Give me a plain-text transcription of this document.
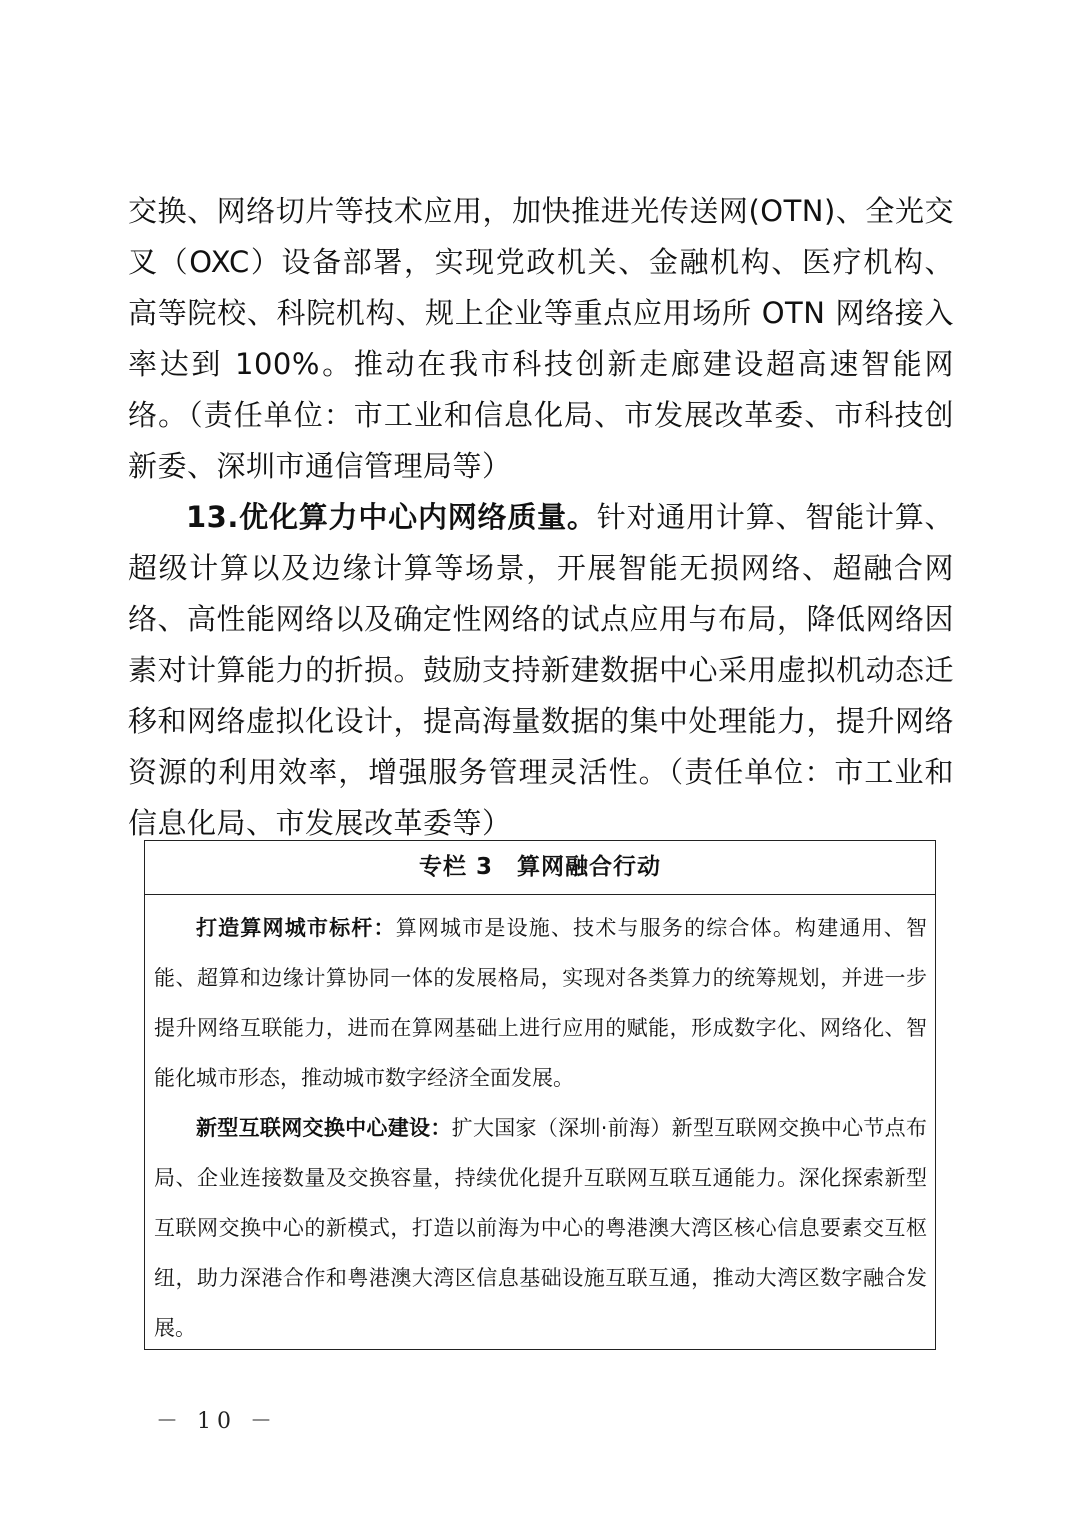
交换、网络切片等技术应用，加快推进光传送网(OTN)、全光交叉（OXC）设备部署，实现党政机关、金融机构、医疗机构、高等院校、科院机构、规上企业等重点应用场所 OTN 网络接入率达到 100%。推动在我市科技创新走廊建设超高速智能网络。（责任单位：市工业和信息化局、市发展改革委、市科技创新委、深圳市通信管理局等）

13.优化算力中心内网络质量。针对通用计算、智能计算、超级计算以及边缘计算等场景，开展智能无损网络、超融合网络、高性能网络以及确定性网络的试点应用与布局，降低网络因素对计算能力的折损。鼓励支持新建数据中心采用虚拟机动态迁移和网络虚拟化设计，提高海量数据的集中处理能力，提升网络资源的利用效率，增强服务管理灵活性。（责任单位：市工业和信息化局、市发展改革委等）

专栏 3 算网融合行动

打造算网城市标杆：算网城市是设施、技术与服务的综合体。构建通用、智能、超算和边缘计算协同一体的发展格局，实现对各类算力的统筹规划，并进一步提升网络互联能力，进而在算网基础上进行应用的赋能，形成数字化、网络化、智能化城市形态，推动城市数字经济全面发展。

新型互联网交换中心建设：扩大国家（深圳·前海）新型互联网交换中心节点布局、企业连接数量及交换容量，持续优化提升互联网互联互通能力。深化探索新型互联网交换中心的新模式，打造以前海为中心的粤港澳大湾区核心信息要素交互枢纽，助力深港合作和粤港澳大湾区信息基础设施互联互通，推动大湾区数字融合发展。

－ 10 －
